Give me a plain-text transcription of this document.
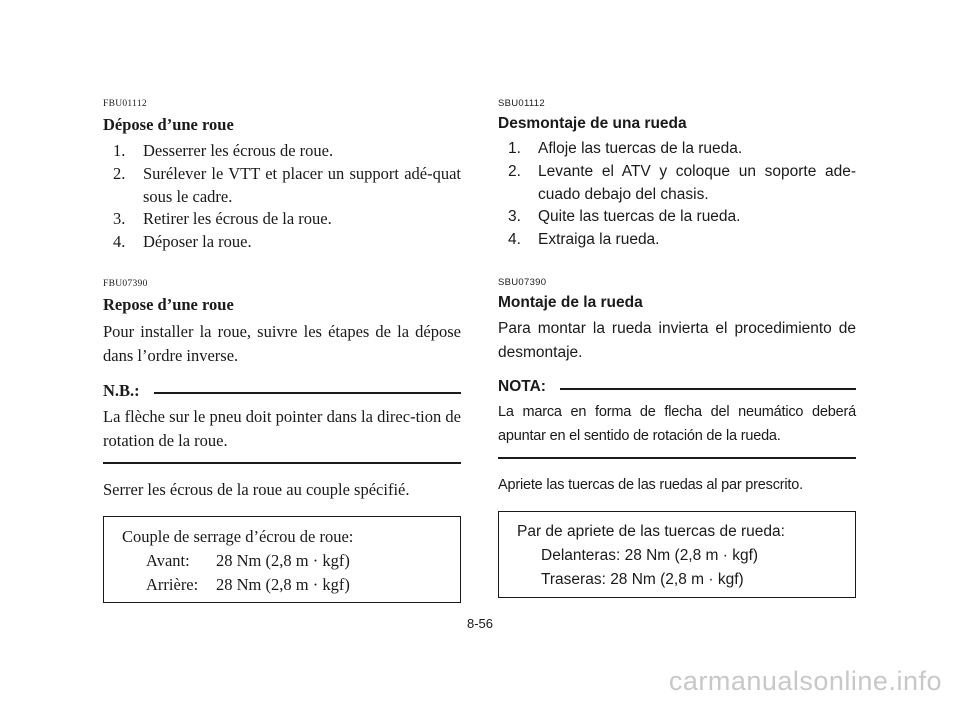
FBU01112
Dépose d’une roue
1.	Desserrer les écrous de roue.
2.	Surélever le VTT et placer un support adé-quat sous le cadre.
3.	Retirer les écrous de la roue.
4.	Déposer la roue.
FBU07390
Repose d’une roue

Pour installer la roue, suivre les étapes de la dépose dans l’ordre inverse.

N.B.:

La flèche sur le pneu doit pointer dans la direc-tion de rotation de la roue.

Serrer les écrous de la roue au couple spécifié.

Couple de serrage d’écrou de roue:
Avant: 28 Nm (2,8 m · kgf)
Arrière: 28 Nm (2,8 m · kgf)
SBU01112
Desmontaje de una rueda
1.	Afloje las tuercas de la rueda.
2.	Levante el ATV y coloque un soporte ade-cuado debajo del chasis.
3.	Quite las tuercas de la rueda.
4.	Extraiga la rueda.
SBU07390
Montaje de la rueda

Para montar la rueda invierta el procedimiento de desmontaje.

NOTA:

La marca en forma de flecha del neumático deberá apuntar en el sentido de rotación de la rueda.

Apriete las tuercas de las ruedas al par prescrito.

Par de apriete de las tuercas de rueda:
Delanteras: 28 Nm (2,8 m · kgf)
Traseras: 28 Nm (2,8 m · kgf)
8-56
carmanualsonline.info
